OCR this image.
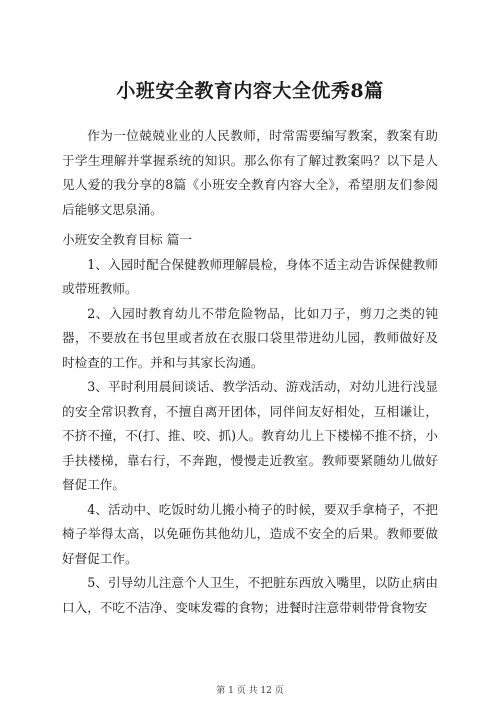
小班安全教育内容大全优秀8篇

作为一位兢兢业业的人民教师，时常需要编写教案，教案有助于学生理解并掌握系统的知识。那么你有了解过教案吗？以下是人见人爱的我分享的8篇《小班安全教育内容大全》，希望朋友们参阅后能够文思泉涌。

小班安全教育目标 篇一

1、入园时配合保健教师理解晨检，身体不适主动告诉保健教师或带班教师。

2、入园时教育幼儿不带危险物品，比如刀子，剪刀之类的钝器，不要放在书包里或者放在衣服口袋里带进幼儿园，教师做好及时检查的工作。并和与其家长沟通。

3、平时利用晨间谈话、教学活动、游戏活动，对幼儿进行浅显的安全常识教育，不擅自离开团体，同伴间友好相处，互相谦让，不挤不撞，不(打、推、咬、抓)人。教育幼儿上下楼梯不推不挤，小手扶楼梯，靠右行，不奔跑，慢慢走近教室。教师要紧随幼儿做好督促工作。

4、活动中、吃饭时幼儿搬小椅子的时候，要双手拿椅子，不把椅子举得太高，以免砸伤其他幼儿，造成不安全的后果。教师要做好督促工作。

5、引导幼儿注意个人卫生，不把脏东西放入嘴里，以防止病由口入，不吃不洁净、变味发霉的食物；进餐时注意带刺带骨食物安

第 1 页 共 12 页
